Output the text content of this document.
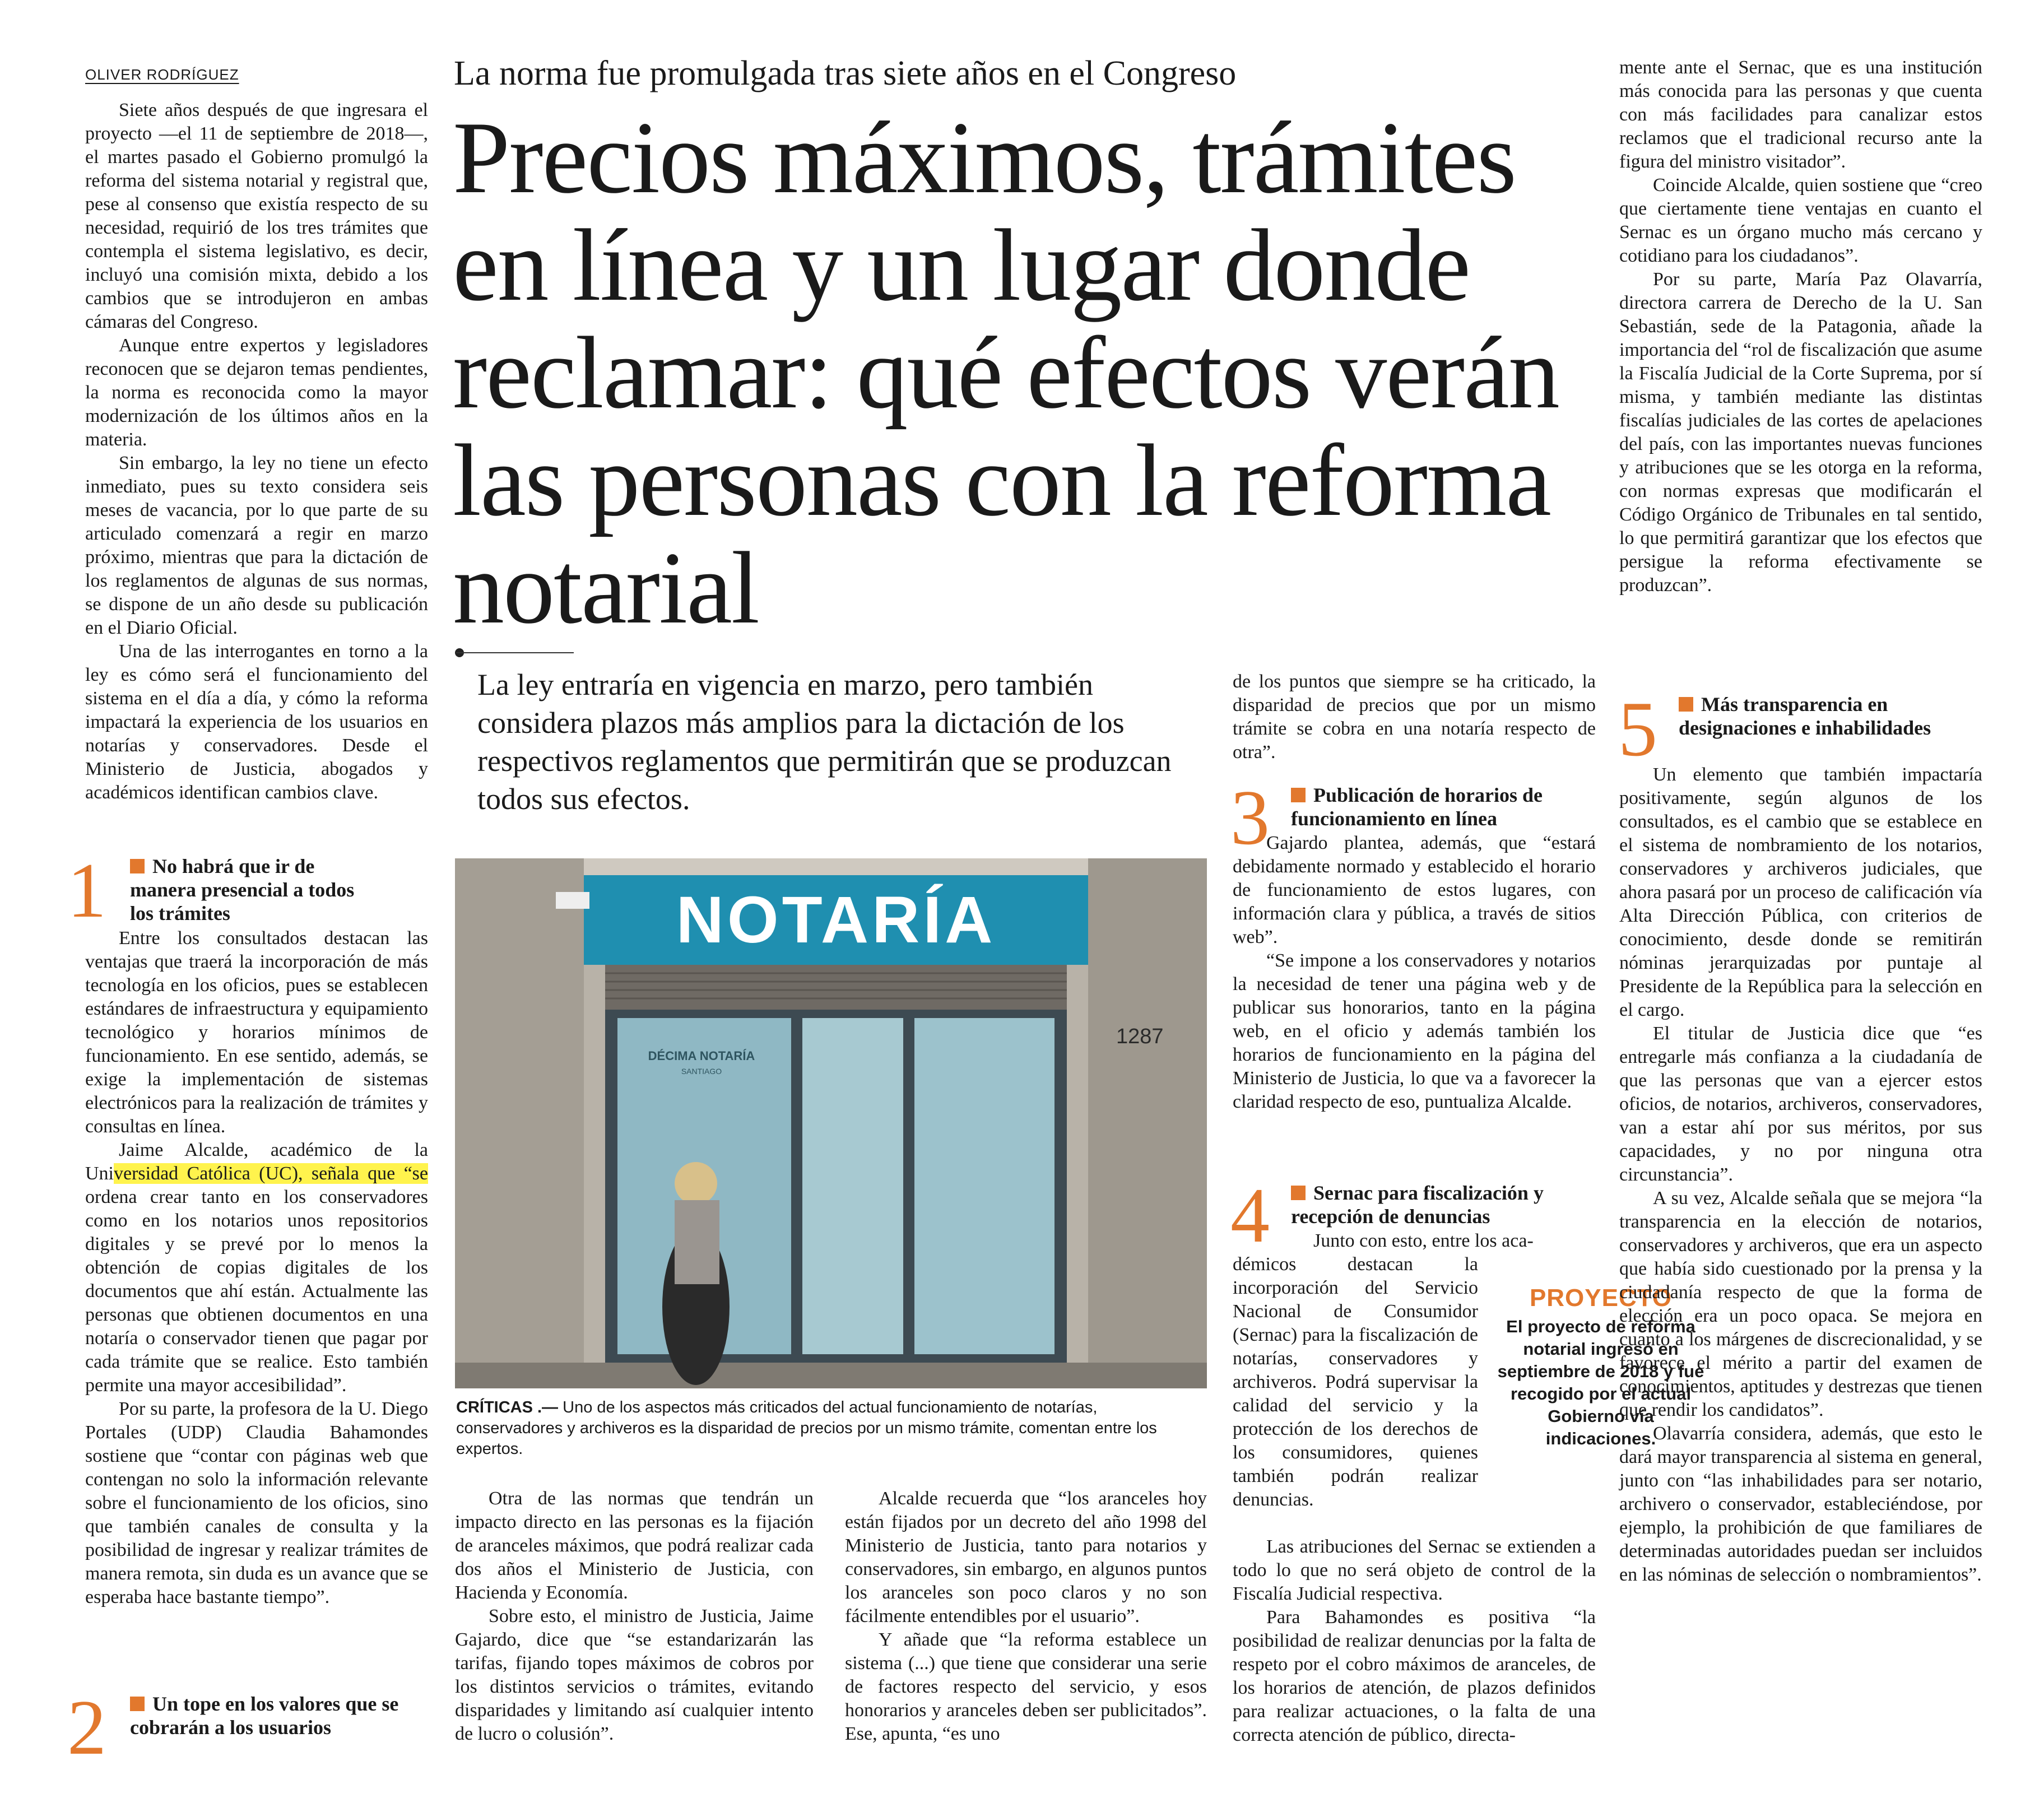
OLIVER RODRÍGUEZ

Siete años después de que ingresara el proyecto —el 11 de septiembre de 2018—, el martes pasado el Gobierno promulgó la reforma del sistema notarial y registral que, pese al consenso que existía respecto de su necesidad, requirió de los tres trámites que contempla el sistema legislativo, es decir, incluyó una comisión mixta, debido a los cambios que se introdujeron en ambas cámaras del Congreso.

Aunque entre expertos y legisladores reconocen que se dejaron temas pendientes, la norma es reconocida como la mayor modernización de los últimos años en la materia.

Sin embargo, la ley no tiene un efecto inmediato, pues su texto considera seis meses de vacancia, por lo que parte de su articulado comenzará a regir en marzo próximo, mientras que para la dictación de los reglamentos de algunas de sus normas, se dispone de un año desde su publicación en el Diario Oficial.

Una de las interrogantes en torno a la ley es cómo será el funcionamiento del sistema en el día a día, y cómo la reforma impactará la experiencia de los usuarios en notarías y conservadores. Desde el Ministerio de Justicia, abogados y académicos identifican cambios clave.

1	No habrá que ir de manera presencial a todos los trámites

Entre los consultados destacan las ventajas que traerá la incorporación de más tecnología en los oficios, pues se establecen estándares de infraestructura y equipamiento tecnológico y horarios mínimos de funcionamiento. En ese sentido, además, se exige la implementación de sistemas electrónicos para la realización de trámites y consultas en línea.

Jaime Alcalde, académico de la Universidad Católica (UC), señala que “se ordena crear tanto en los conservadores como en los notarios unos repositorios digitales y se prevé por lo menos la obtención de copias digitales de los documentos que ahí están. Actualmente las personas que obtienen documentos en una notaría o conservador tienen que pagar por cada trámite que se realice. Esto también permite una mayor accesibilidad”.

Por su parte, la profesora de la U. Diego Portales (UDP) Claudia Bahamondes sostiene que “contar con páginas web que contengan no solo la información relevante sobre el funcionamiento de los oficios, sino que también canales de consulta y la posibilidad de ingresar y realizar trámites de manera remota, sin duda es un avance que se esperaba hace bastante tiempo”.

2	Un tope en los valores que se cobrarán a los usuarios
La norma fue promulgada tras siete años en el Congreso
Precios máximos, trámites en línea y un lugar donde reclamar: qué efectos verán las personas con la reforma notarial

La ley entraría en vigencia en marzo, pero también considera plazos más amplios para la dictación de los respectivos reglamentos que permitirán que se produzcan todos sus efectos.

NOTARÍA
DÉCIMA NOTARÍA
SANTIAGO
1287
CRÍTICAS .— Uno de los aspectos más criticados del actual funcionamiento de notarías, conservadores y archiveros es la disparidad de precios por un mismo trámite, comentan entre los expertos.

Otra de las normas que tendrán un impacto directo en las personas es la fijación de aranceles máximos, que podrá realizar cada dos años el Ministerio de Justicia, con Hacienda y Economía.

Sobre esto, el ministro de Justicia, Jaime Gajardo, dice que “se estandarizarán las tarifas, fijando topes máximos de cobros por los distintos servicios o trámites, evitando disparidades y limitando así cualquier intento de lucro o colusión”.

Alcalde recuerda que “los aranceles hoy están fijados por un decreto del año 1998 del Ministerio de Justicia, tanto para notarios y conservadores, sin embargo, en algunos puntos los aranceles son poco claros y no son fácilmente entendibles por el usuario”.

Y añade que “la reforma establece un sistema (...) que tiene que considerar una serie de factores respecto del servicio, y esos honorarios y aranceles deben ser publicitados”. Ese, apunta, “es uno

de los puntos que siempre se ha criticado, la disparidad de precios que por un mismo trámite se cobra en una notaría respecto de otra”.

3	Publicación de horarios de funcionamiento en línea

Gajardo plantea, además, que “estará debidamente normado y establecido el horario de funcionamiento de estos lugares, con información clara y pública, a través de sitios web”.

“Se impone a los conservadores y notarios la necesidad de tener una página web y de publicar sus honorarios, tanto en la página web, en el oficio y además también los horarios de funcionamiento en la página del Ministerio de Justicia, lo que va a favorecer la claridad respecto de eso, puntualiza Alcalde.

4	Sernac para fiscalización y recepción de denuncias

Junto con esto, entre los aca-

démicos destacan la incorporación del Servicio Nacional de Consumidor (Sernac) para la fiscalización de notarías, conservadores y archiveros. Podrá supervisar la calidad del servicio y la protección de los derechos de los consumidores, quienes también podrán realizar denuncias.

Las atribuciones del Sernac se extienden a todo lo que no será objeto de control de la Fiscalía Judicial respectiva.

Para Bahamondes es positiva “la posibilidad de realizar denuncias por la falta de respeto por el cobro máximos de aranceles, de los horarios de atención, de plazos definidos para realizar actuaciones, o la falta de una correcta atención de público, directa-

PROYECTO
El proyecto de reforma notarial ingresó en septiembre de 2018 y fue recogido por el actual Gobierno vía indicaciones.

mente ante el Sernac, que es una institución más conocida para las personas y que cuenta con más facilidades para canalizar estos reclamos que el tradicional recurso ante la figura del ministro visitador”.

Coincide Alcalde, quien sostiene que “creo que ciertamente tiene ventajas en cuanto el Sernac es un órgano mucho más cercano y cotidiano para los ciudadanos”.

Por su parte, María Paz Olavarría, directora carrera de Derecho de la U. San Sebastián, sede de la Patagonia, añade la importancia del “rol de fiscalización que asume la Fiscalía Judicial de la Corte Suprema, por sí misma, y también mediante las distintas fiscalías judiciales de las cortes de apelaciones del país, con las importantes nuevas funciones y atribuciones que se les otorga en la reforma, con normas expresas que modificarán el Código Orgánico de Tribunales en tal sentido, lo que permitirá garantizar que los efectos que persigue la reforma efectivamente se produzcan”.

5	Más transparencia en designaciones e inhabilidades

Un elemento que también impactaría positivamente, según algunos de los consultados, es el cambio que se establece en el sistema de nombramiento de los notarios, conservadores y archiveros judiciales, que ahora pasará por un proceso de calificación vía Alta Dirección Pública, con criterios de conocimiento, desde donde se remitirán nóminas jerarquizadas por puntaje al Presidente de la República para la selección en el cargo.

El titular de Justicia dice que “es entregarle más confianza a la ciudadanía de que las personas que van a ejercer estos oficios, de notarios, archiveros, conservadores, van a estar ahí por sus méritos, por sus capacidades, y no por ninguna otra circunstancia”.

A su vez, Alcalde señala que se mejora “la transparencia en la elección de notarios, conservadores y archiveros, que era un aspecto que había sido cuestionado por la prensa y la ciudadanía respecto de que la forma de elección era un poco opaca. Se mejora en cuanto a los márgenes de discrecionalidad, y se favorece el mérito a partir del examen de conocimientos, aptitudes y destrezas que tienen que rendir los candidatos”.

Olavarría considera, además, que esto le dará mayor transparencia al sistema en general, junto con “las inhabilidades para ser notario, archivero o conservador, estableciéndose, por ejemplo, la prohibición de que familiares de determinadas autoridades puedan ser incluidos en las nóminas de selección o nombramientos”.
